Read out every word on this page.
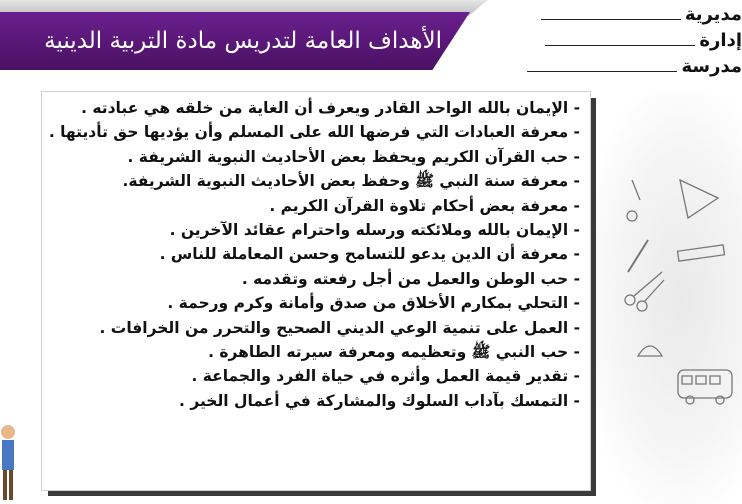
الأهداف العامة لتدريس مادة التربية الدينية
مديرية
إدارة
مدرسة
- الإيمان بالله الواحد القادر ويعرف أن الغاية من خلقه هي عبادته .
- معرفة العبادات التي فرضها الله على المسلم وأن يؤديها حق تأديتها .
- حب القرآن الكريم ويحفظ بعض الأحاديث النبوية الشريفة .
- معرفة سنة النبي ﷺ وحفظ بعض الأحاديث النبوية الشريفة.
- معرفة بعض أحكام تلاوة القرآن الكريم .
- الإيمان بالله وملائكته ورسله واحترام عقائد الآخرين .
- معرفة أن الدين يدعو للتسامح وحسن المعاملة للناس .
- حب الوطن والعمل من أجل رفعته وتقدمه .
- التحلي بمكارم الأخلاق من صدق وأمانة وكرم ورحمة .
- العمل على تنمية الوعي الديني الصحيح والتحرر من الخرافات .
- حب النبي ﷺ وتعظيمه ومعرفة سيرته الطاهرة .
- تقدير قيمة العمل وأثره في حياة الفرد والجماعة .
- التمسك بآداب السلوك والمشاركة في أعمال الخير .
